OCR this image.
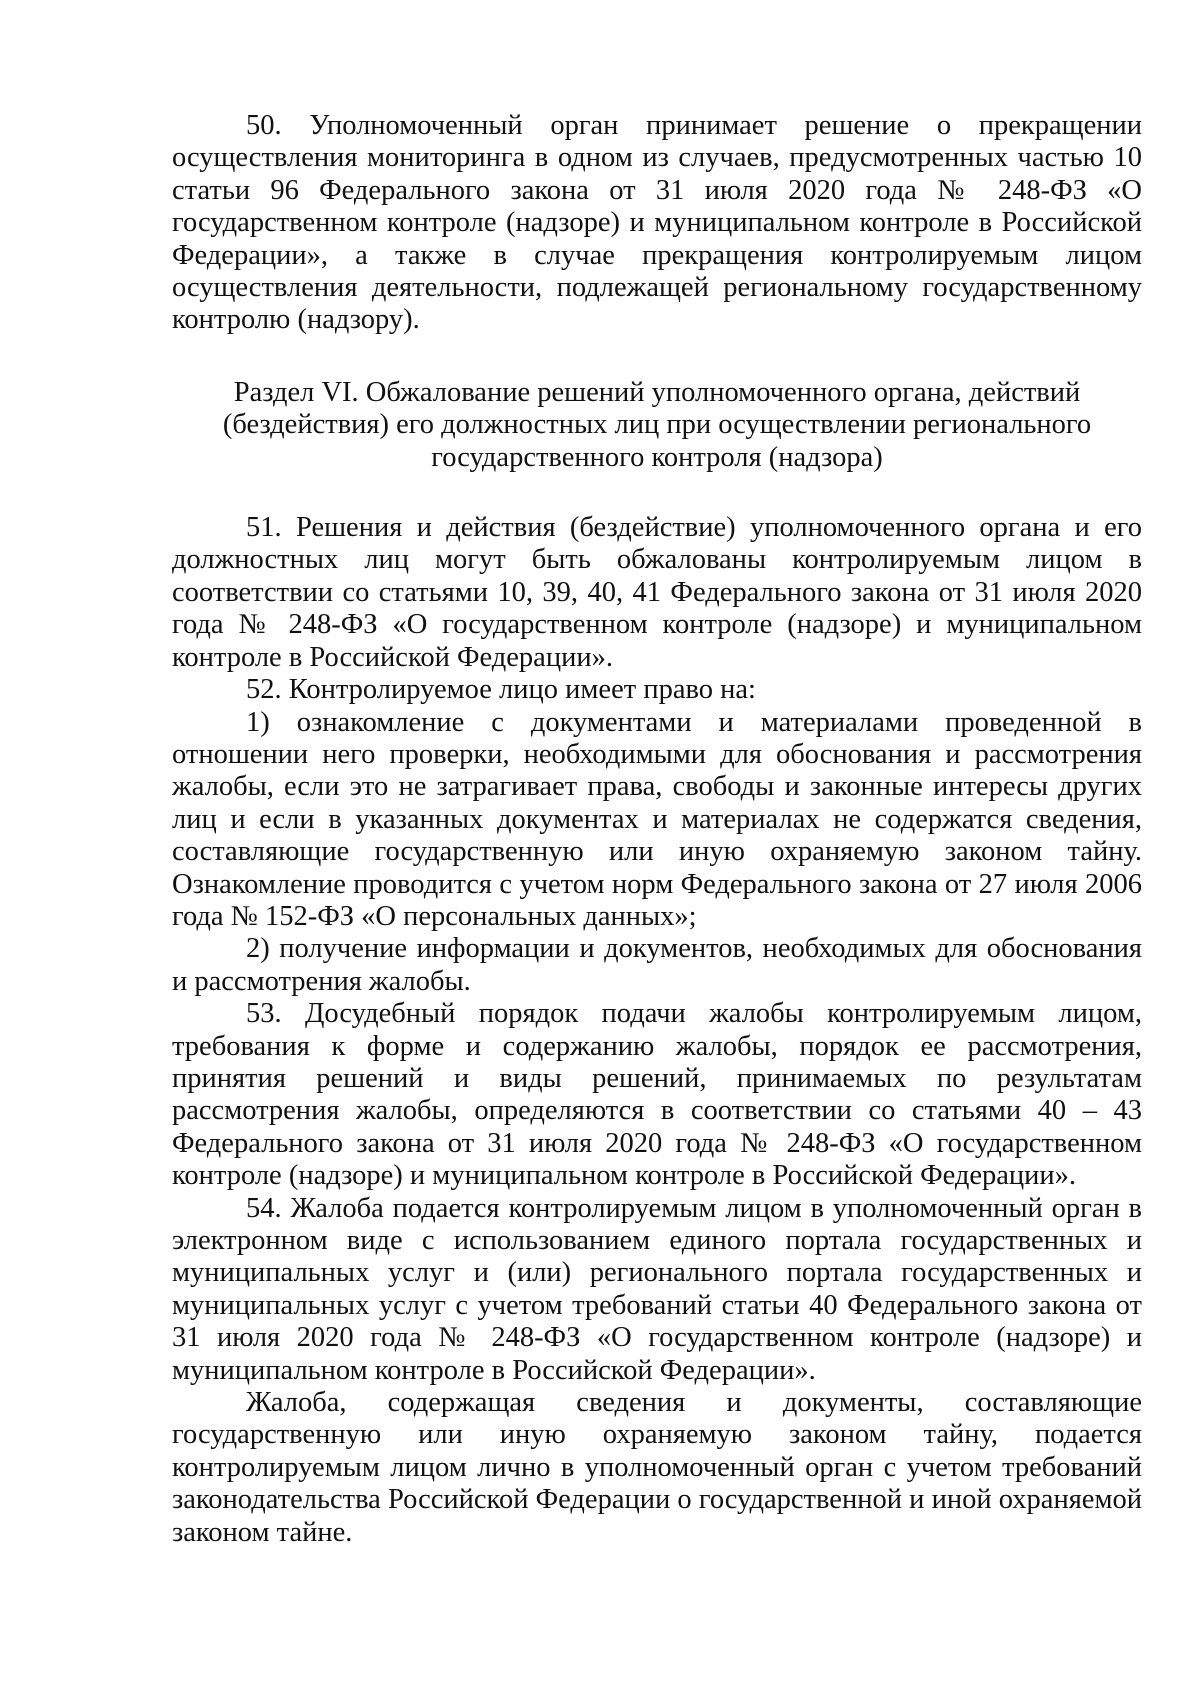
50. Уполномоченный орган принимает решение о прекращении осуществления мониторинга в одном из случаев, предусмотренных частью 10 статьи 96 Федерального закона от 31 июля 2020 года № 248-ФЗ «О государственном контроле (надзоре) и муниципальном контроле в Российской Федерации», а также в случае прекращения контролируемым лицом осуществления деятельности, подлежащей региональному государственному контролю (надзору).

Раздел VI. Обжалование решений уполномоченного органа, действий
(бездействия) его должностных лиц при осуществлении регионального
государственного контроля (надзора)

51. Решения и действия (бездействие) уполномоченного органа и его должностных лиц могут быть обжалованы контролируемым лицом в соответствии со статьями 10, 39, 40, 41 Федерального закона от 31 июля 2020 года № 248-ФЗ «О государственном контроле (надзоре) и муниципальном контроле в Российской Федерации».

52. Контролируемое лицо имеет право на:

1) ознакомление с документами и материалами проведенной в отношении него проверки, необходимыми для обоснования и рассмотрения жалобы, если это не затрагивает права, свободы и законные интересы других лиц и если в указанных документах и материалах не содержатся сведения, составляющие государственную или иную охраняемую законом тайну. Ознакомление проводится с учетом норм Федерального закона от 27 июля 2006 года № 152-ФЗ «О персональных данных»;

2) получение информации и документов, необходимых для обоснования и рассмотрения жалобы.

53. Досудебный порядок подачи жалобы контролируемым лицом, требования к форме и содержанию жалобы, порядок ее рассмотрения, принятия решений и виды решений, принимаемых по результатам рассмотрения жалобы, определяются в соответствии со статьями 40 – 43 Федерального закона от 31 июля 2020 года № 248-ФЗ «О государственном контроле (надзоре) и муниципальном контроле в Российской Федерации».

54. Жалоба подается контролируемым лицом в уполномоченный орган в электронном виде с использованием единого портала государственных и муниципальных услуг и (или) регионального портала государственных и муниципальных услуг с учетом требований статьи 40 Федерального закона от 31 июля 2020 года № 248-ФЗ «О государственном контроле (надзоре) и муниципальном контроле в Российской Федерации».

Жалоба, содержащая сведения и документы, составляющие государственную или иную охраняемую законом тайну, подается контролируемым лицом лично в уполномоченный орган с учетом требований законодательства Российской Федерации о государственной и иной охраняемой законом тайне.
